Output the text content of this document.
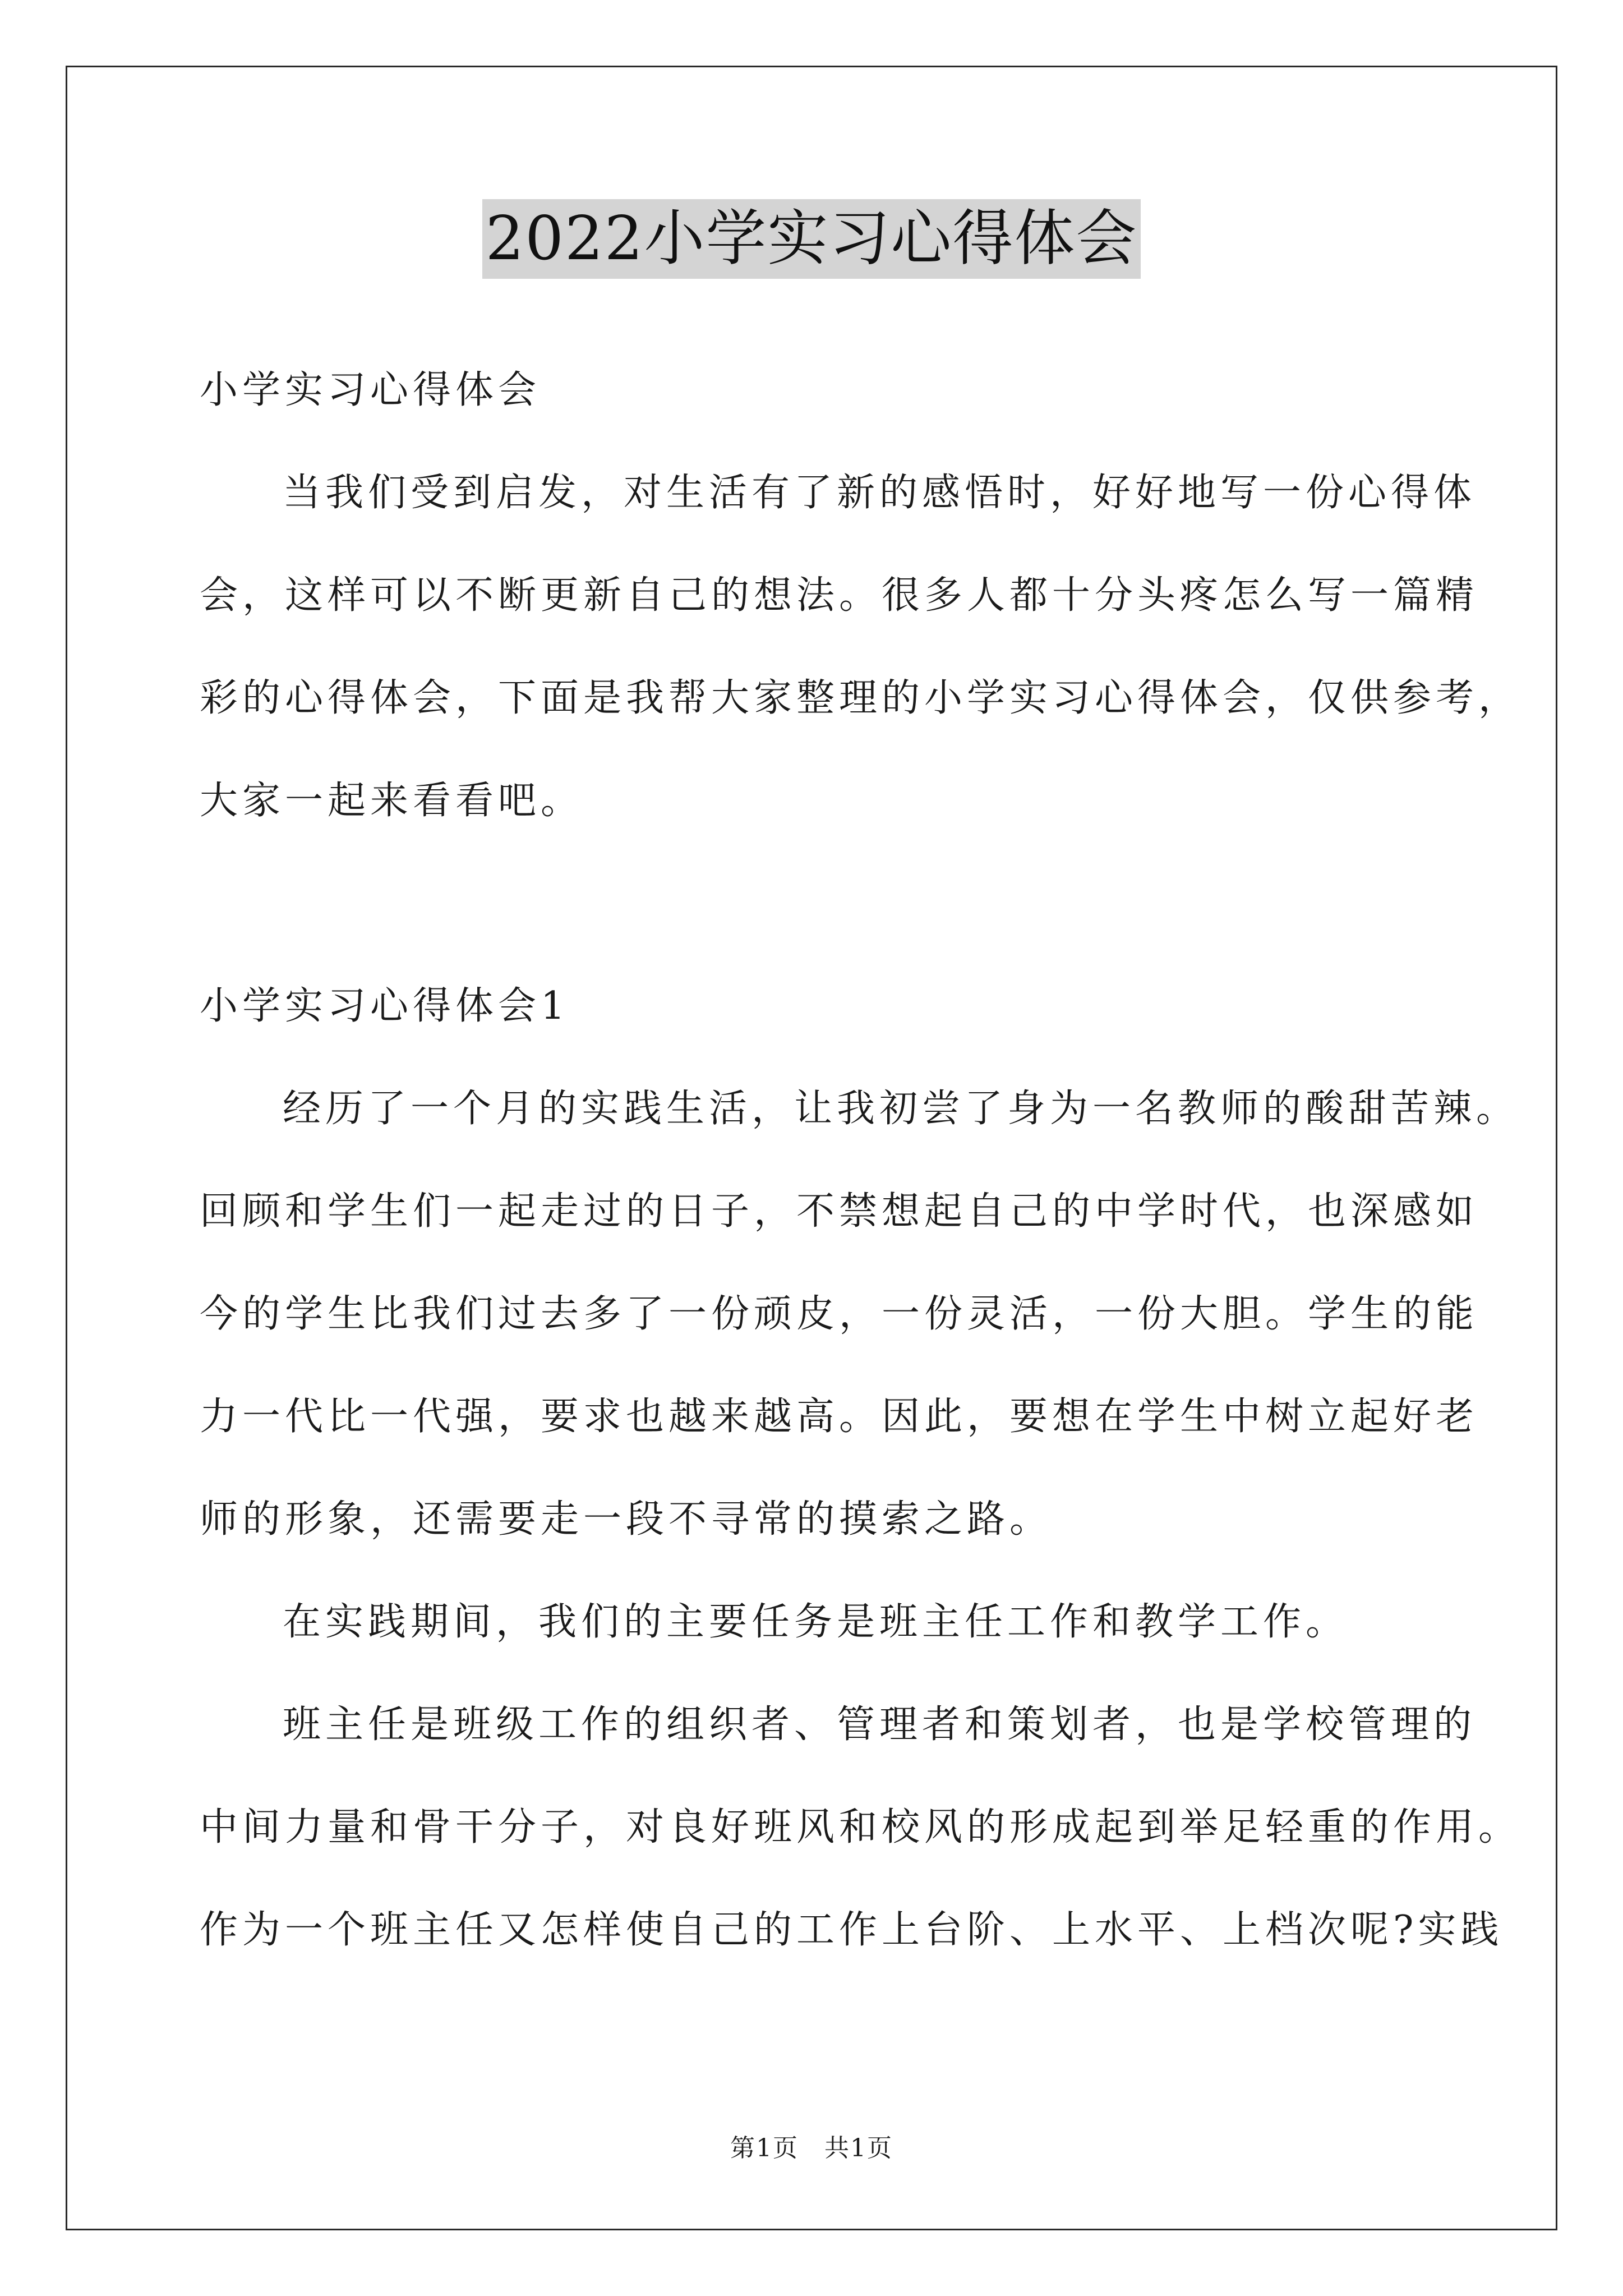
2022小学实习心得体会
小学实习心得体会
当我们受到启发，对生活有了新的感悟时，好好地写一份心得体
会，这样可以不断更新自己的想法。很多人都十分头疼怎么写一篇精
彩的心得体会，下面是我帮大家整理的小学实习心得体会，仅供参考，
大家一起来看看吧。
小学实习心得体会1
经历了一个月的实践生活，让我初尝了身为一名教师的酸甜苦辣。
回顾和学生们一起走过的日子，不禁想起自己的中学时代，也深感如
今的学生比我们过去多了一份顽皮，一份灵活，一份大胆。学生的能
力一代比一代强，要求也越来越高。因此，要想在学生中树立起好老
师的形象，还需要走一段不寻常的摸索之路。
在实践期间，我们的主要任务是班主任工作和教学工作。
班主任是班级工作的组织者、管理者和策划者，也是学校管理的
中间力量和骨干分子，对良好班风和校风的形成起到举足轻重的作用。
作为一个班主任又怎样使自己的工作上台阶、上水平、上档次呢?实践
第1页　共1页
